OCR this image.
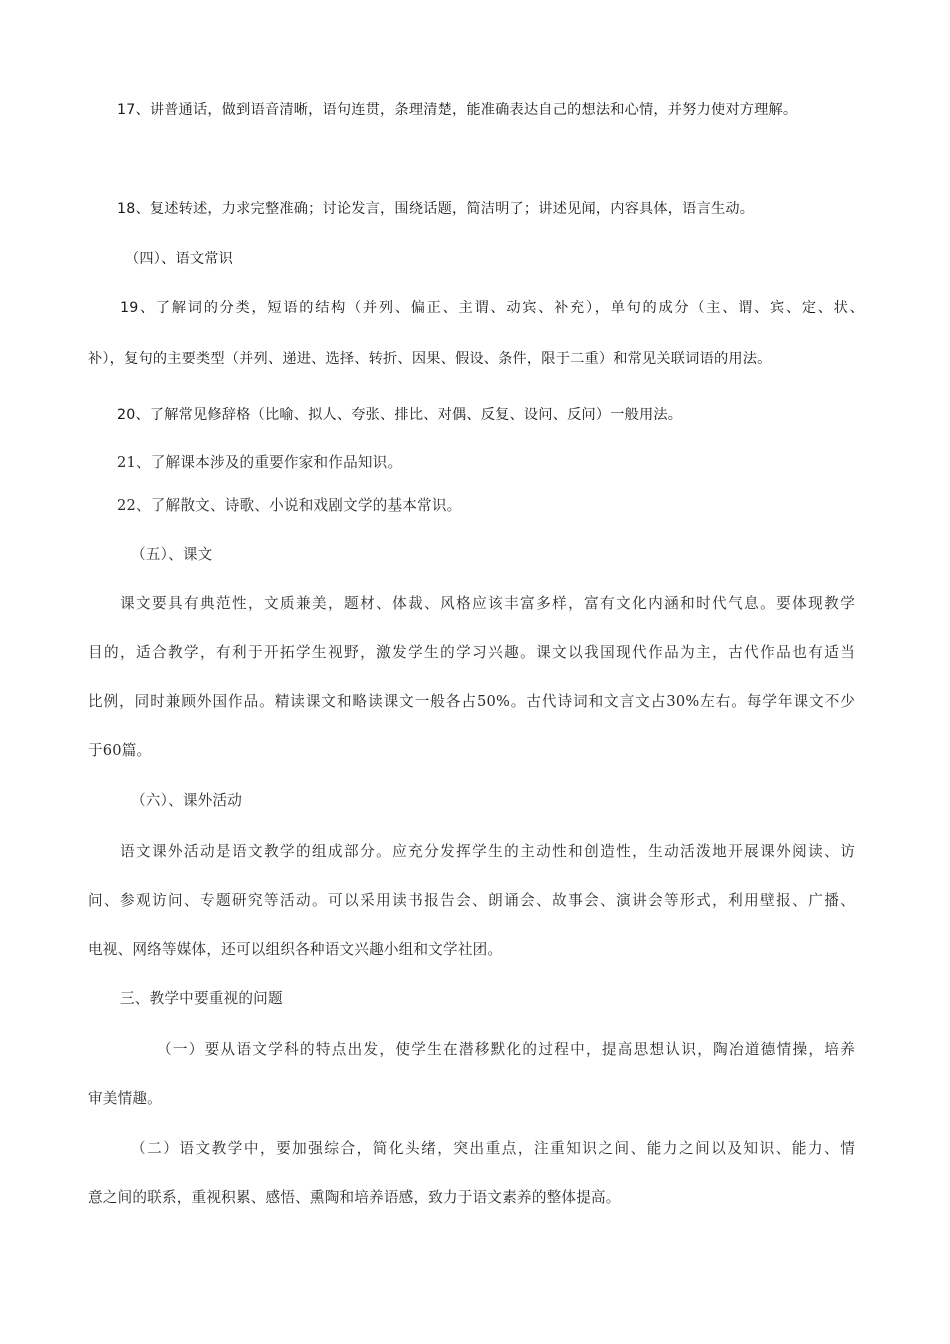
17、讲普通话，做到语音清晰，语句连贯，条理清楚，能准确表达自己的想法和心情，并努力使对方理解。
18、复述转述，力求完整准确；讨论发言，围绕话题，简洁明了；讲述见闻，内容具体，语言生动。
（四）、语文常识
19、了解词的分类，短语的结构（并列、偏正、主谓、动宾、补充），单句的成分（主、谓、宾、定、状、
补），复句的主要类型（并列、递进、选择、转折、因果、假设、条件，限于二重）和常见关联词语的用法。
20、了解常见修辞格（比喻、拟人、夸张、排比、对偶、反复、设问、反问）一般用法。
21、了解课本涉及的重要作家和作品知识。
22、了解散文、诗歌、小说和戏剧文学的基本常识。
（五）、课文
课文要具有典范性，文质兼美，题材、体裁、风格应该丰富多样，富有文化内涵和时代气息。要体现教学
目的，适合教学，有利于开拓学生视野，激发学生的学习兴趣。课文以我国现代作品为主，古代作品也有适当
比例，同时兼顾外国作品。精读课文和略读课文一般各占50%。古代诗词和文言文占30%左右。每学年课文不少
于60篇。
（六）、课外活动
语文课外活动是语文教学的组成部分。应充分发挥学生的主动性和创造性，生动活泼地开展课外阅读、访
问、参观访问、专题研究等活动。可以采用读书报告会、朗诵会、故事会、演讲会等形式，利用壁报、广播、
电视、网络等媒体，还可以组织各种语文兴趣小组和文学社团。
三、教学中要重视的问题
（一）要从语文学科的特点出发，使学生在潜移默化的过程中，提高思想认识，陶冶道德情操，培养
审美情趣。
（二）语文教学中，要加强综合，简化头绪，突出重点，注重知识之间、能力之间以及知识、能力、情
意之间的联系，重视积累、感悟、熏陶和培养语感，致力于语文素养的整体提高。
